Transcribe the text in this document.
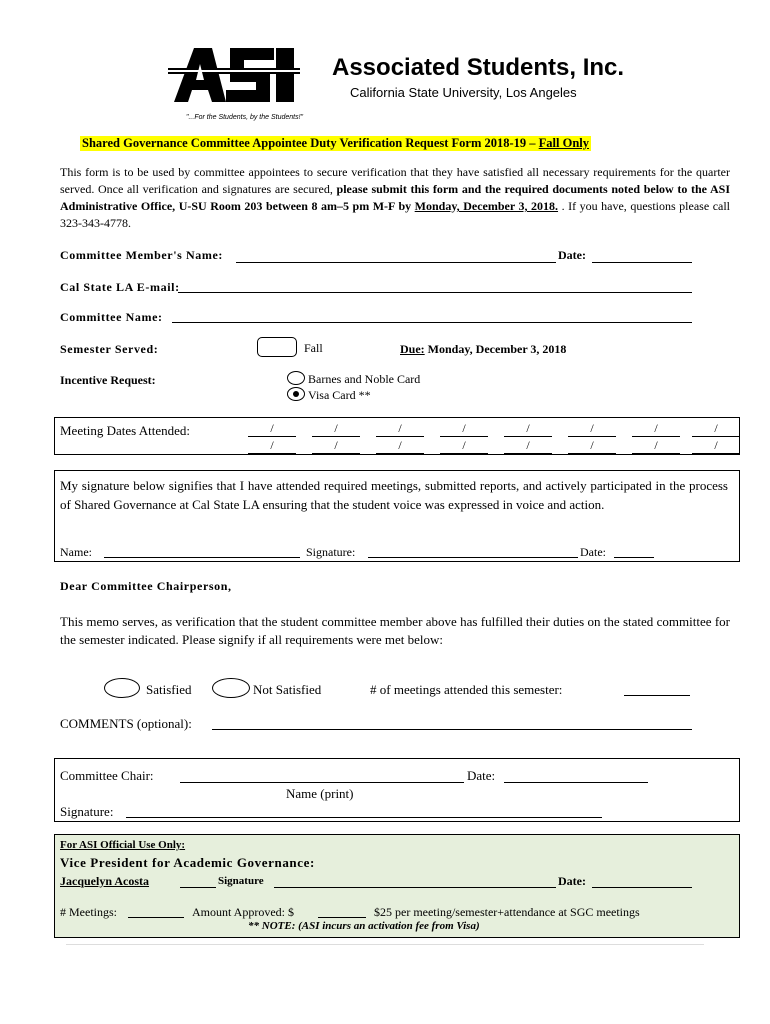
Associated Students, Inc.
California State University, Los Angeles
"...For the Students, by the Students!"
Shared Governance Committee Appointee Duty Verification Request Form 2018-19 – Fall Only
This form is to be used by committee appointees to secure verification that they have satisfied all necessary requirements for the quarter served. Once all verification and signatures are secured, please submit this form and the required documents noted below to the ASI Administrative Office, U-SU Room 203 between 8 am–5 pm M-F by Monday, December 3, 2018. . If you have, questions please call 323-343-4778.
Committee Member's Name:	Date:
Cal State LA E-mail:
Committee Name:
Semester Served:	Fall	Due: Monday, December 3, 2018
Incentive Request:	Barnes and Noble Card
Visa Card **
Meeting Dates Attended:	/	/	/	/	/	/	/	/
/	/	/	/	/	/	/	/
My signature below signifies that I have attended required meetings, submitted reports, and actively participated in the process of Shared Governance at Cal State LA ensuring that the student voice was expressed in voice and action.
Name:	Signature:	Date:
Dear Committee Chairperson,
This memo serves, as verification that the student committee member above has fulfilled their duties on the stated committee for the semester indicated. Please signify if all requirements were met below:
Satisfied	Not Satisfied	# of meetings attended this semester:
COMMENTS (optional):
Committee Chair:	Date:
Name (print)
Signature:
For ASI Official Use Only:
Vice President for Academic Governance:
Jacquelyn Acosta	Signature	Date:
# Meetings:	Amount Approved: $	$25 per meeting/semester+attendance at SGC meetings
** NOTE: (ASI incurs an activation fee from Visa)
